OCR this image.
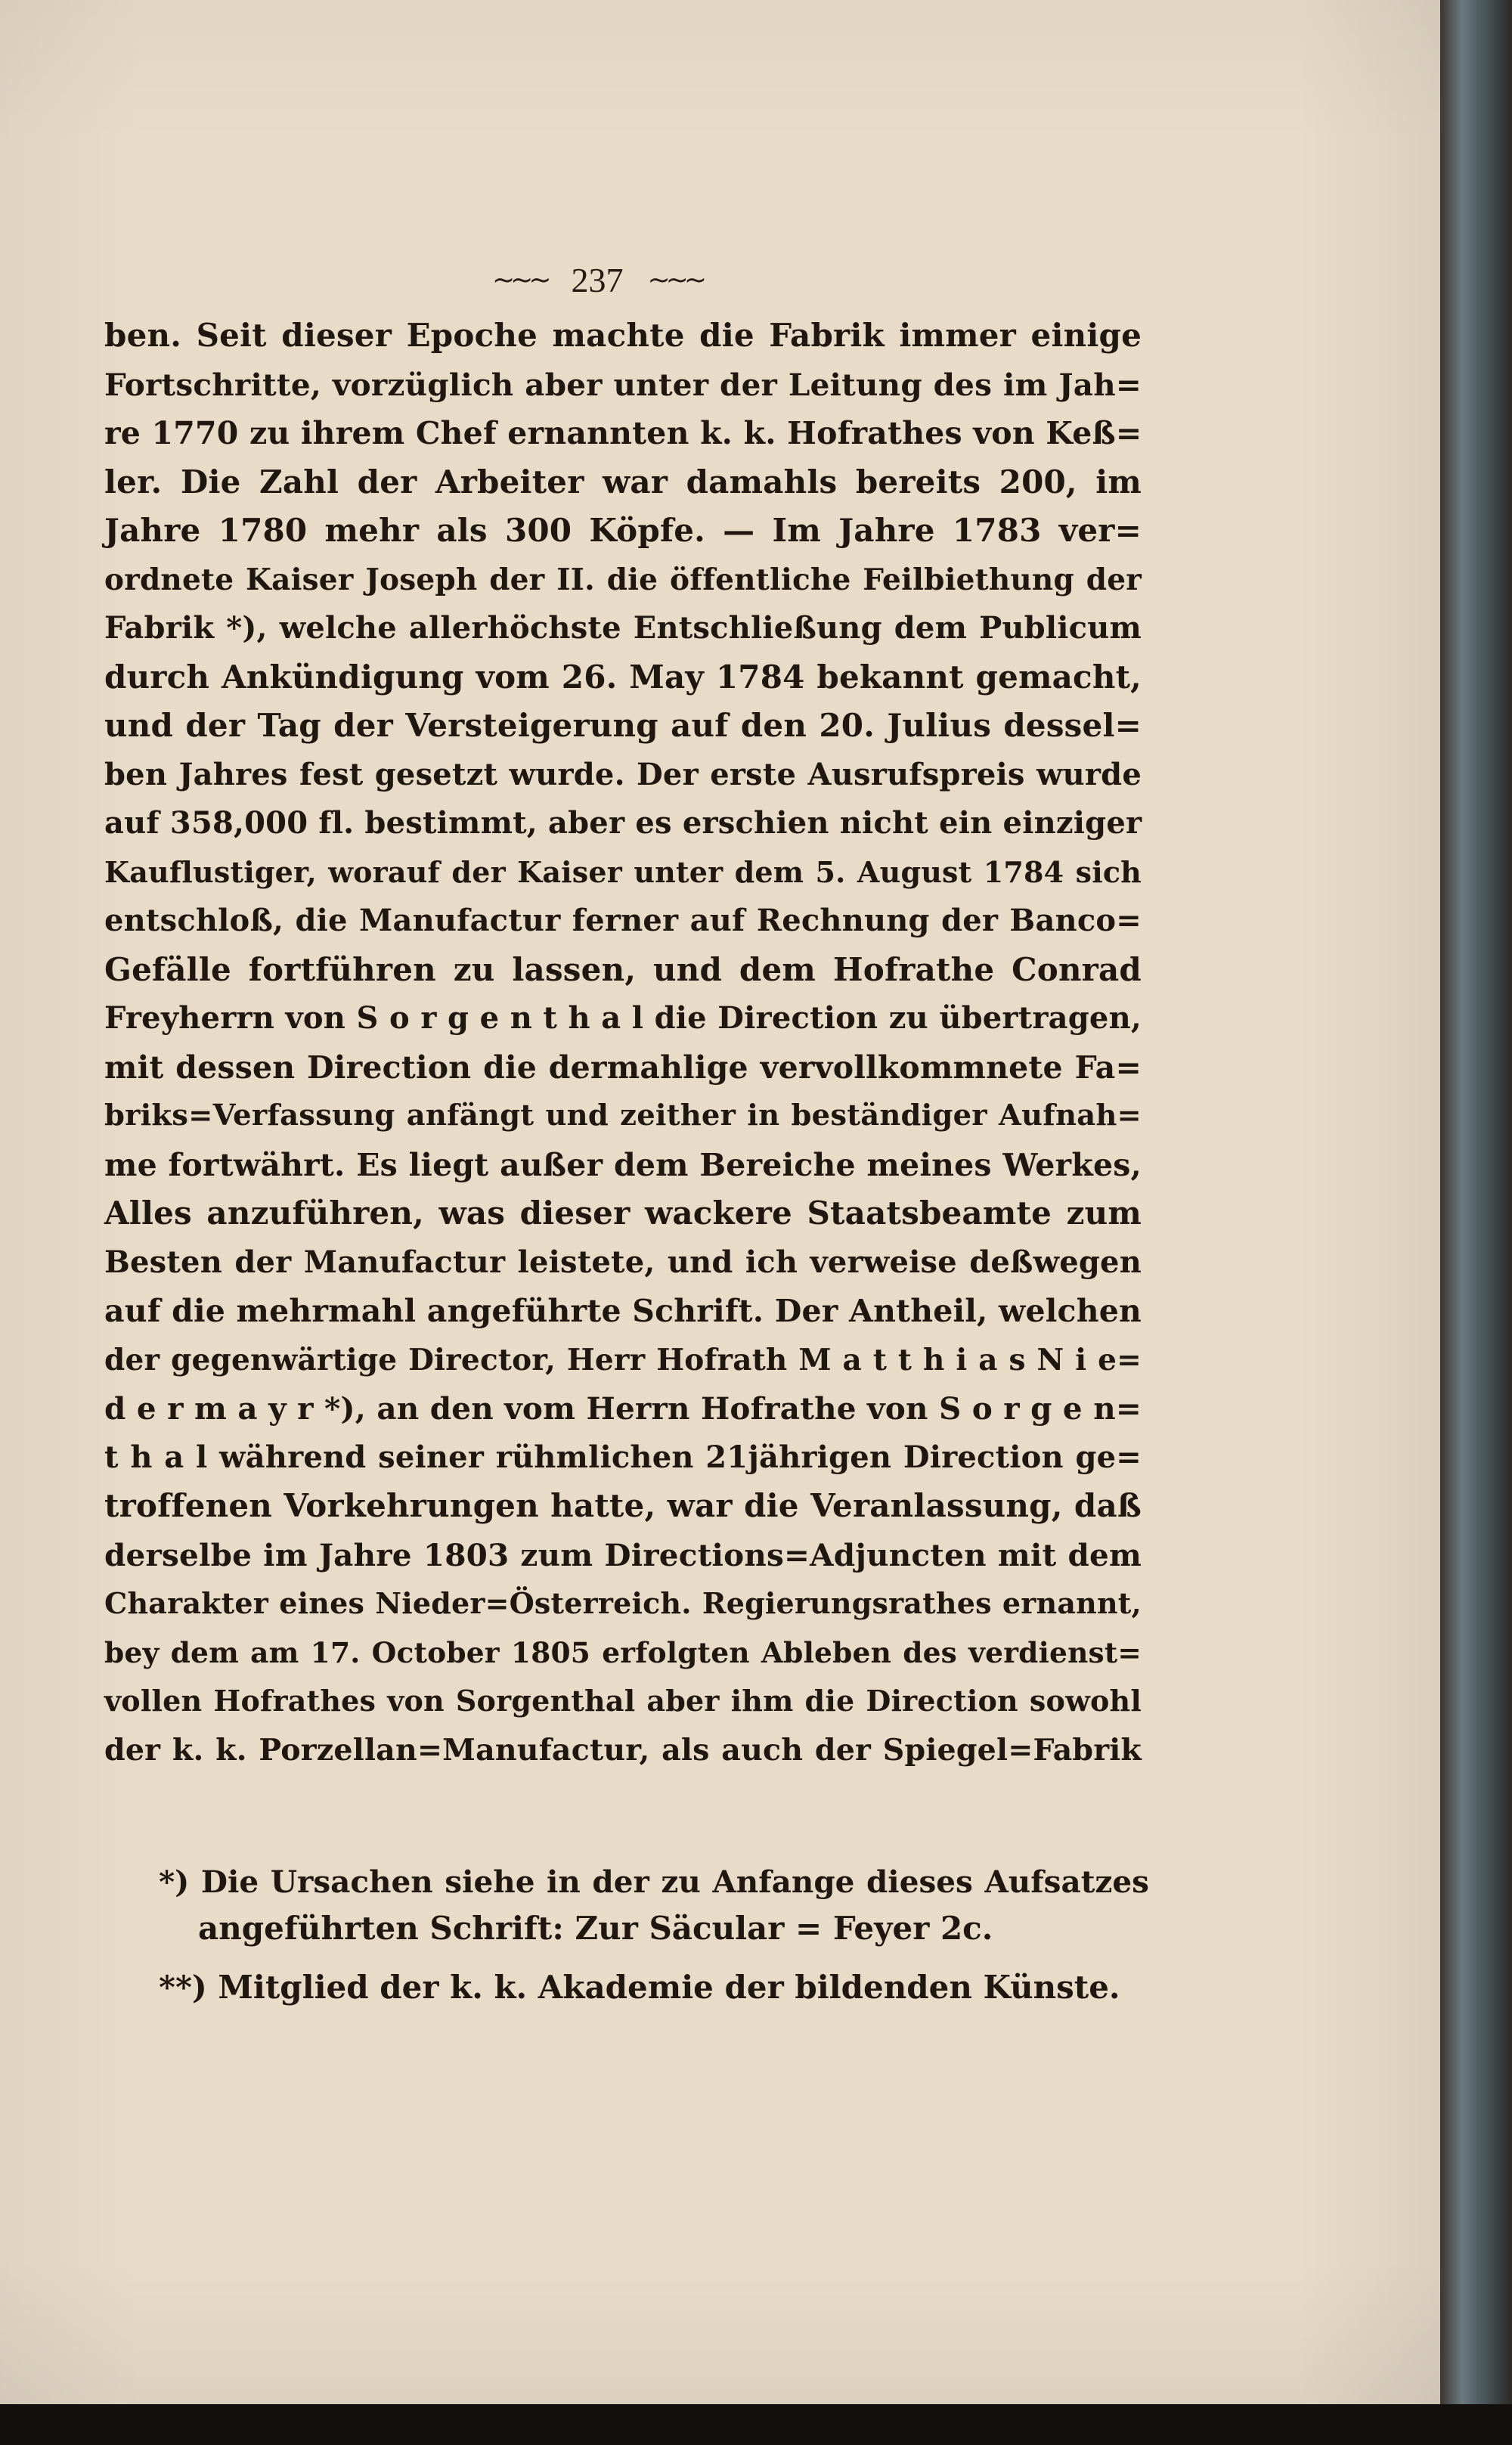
~~~ 237 ~~~
ben. Seit dieser Epoche machte die Fabrik immer einige
Fortschritte, vorzüglich aber unter der Leitung des im Jah=
re 1770 zu ihrem Chef ernannten k. k. Hofrathes von Keß=
ler. Die Zahl der Arbeiter war damahls bereits 200, im
Jahre 1780 mehr als 300 Köpfe. — Im Jahre 1783 ver=
ordnete Kaiser Joseph der II. die öffentliche Feilbiethung der
Fabrik *), welche allerhöchste Entschließung dem Publicum
durch Ankündigung vom 26. May 1784 bekannt gemacht,
und der Tag der Versteigerung auf den 20. Julius dessel=
ben Jahres fest gesetzt wurde. Der erste Ausrufspreis wurde
auf 358,000 fl. bestimmt, aber es erschien nicht ein einziger
Kauflustiger, worauf der Kaiser unter dem 5. August 1784 sich
entschloß, die Manufactur ferner auf Rechnung der Banco=
Gefälle fortführen zu lassen, und dem Hofrathe Conrad
Freyherrn von S o r g e n t h a l die Direction zu übertragen,
mit dessen Direction die dermahlige vervollkommnete Fa=
briks=Verfassung anfängt und zeither in beständiger Aufnah=
me fortwährt. Es liegt außer dem Bereiche meines Werkes,
Alles anzuführen, was dieser wackere Staatsbeamte zum
Besten der Manufactur leistete, und ich verweise deßwegen
auf die mehrmahl angeführte Schrift. Der Antheil, welchen
der gegenwärtige Director, Herr Hofrath M a t t h i a s N i e=
d e r m a y r *), an den vom Herrn Hofrathe von S o r g e n=
t h a l während seiner rühmlichen 21jährigen Direction ge=
troffenen Vorkehrungen hatte, war die Veranlassung, daß
derselbe im Jahre 1803 zum Directions=Adjuncten mit dem
Charakter eines Nieder=Österreich. Regierungsrathes ernannt,
bey dem am 17. October 1805 erfolgten Ableben des verdienst=
vollen Hofrathes von Sorgenthal aber ihm die Direction sowohl
der k. k. Porzellan=Manufactur, als auch der Spiegel=Fabrik
*) Die Ursachen siehe in der zu Anfange dieses Aufsatzes
angeführten Schrift: Zur Säcular = Feyer 2c.
**) Mitglied der k. k. Akademie der bildenden Künste.
